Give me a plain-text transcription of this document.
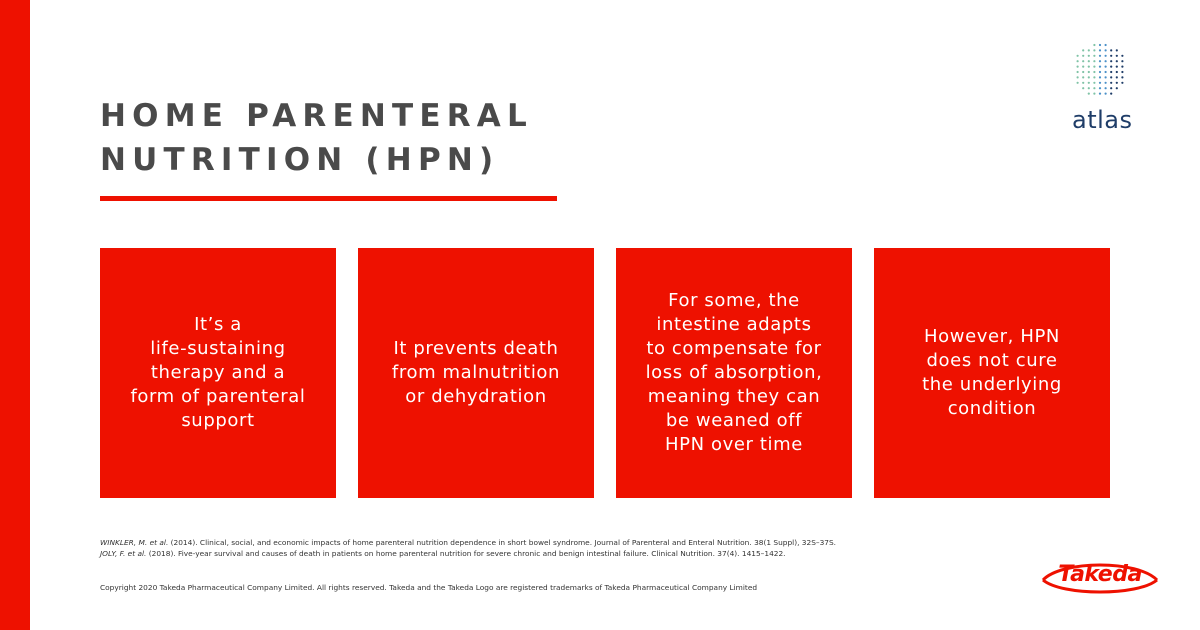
HOME PARENTERAL
NUTRITION (HPN)
atlas
It’s a
life-sustaining
therapy and a
form of parenteral
support
It prevents death
from malnutrition
or dehydration
For some, the
intestine adapts
to compensate for
loss of absorption,
meaning they can
be weaned off
HPN over time
However, HPN
does not cure
the underlying
condition
WINKLER, M. et al. (2014). Clinical, social, and economic impacts of home parenteral nutrition dependence in short bowel syndrome. Journal of Parenteral and Enteral Nutrition. 38(1 Suppl), 32S–37S.
JOLY, F. et al. (2018). Five-year survival and causes of death in patients on home parenteral nutrition for severe chronic and benign intestinal failure. Clinical Nutrition. 37(4). 1415–1422.
Copyright 2020 Takeda Pharmaceutical Company Limited. All rights reserved. Takeda and the Takeda Logo are registered trademarks of Takeda Pharmaceutical Company Limited
Takeda
